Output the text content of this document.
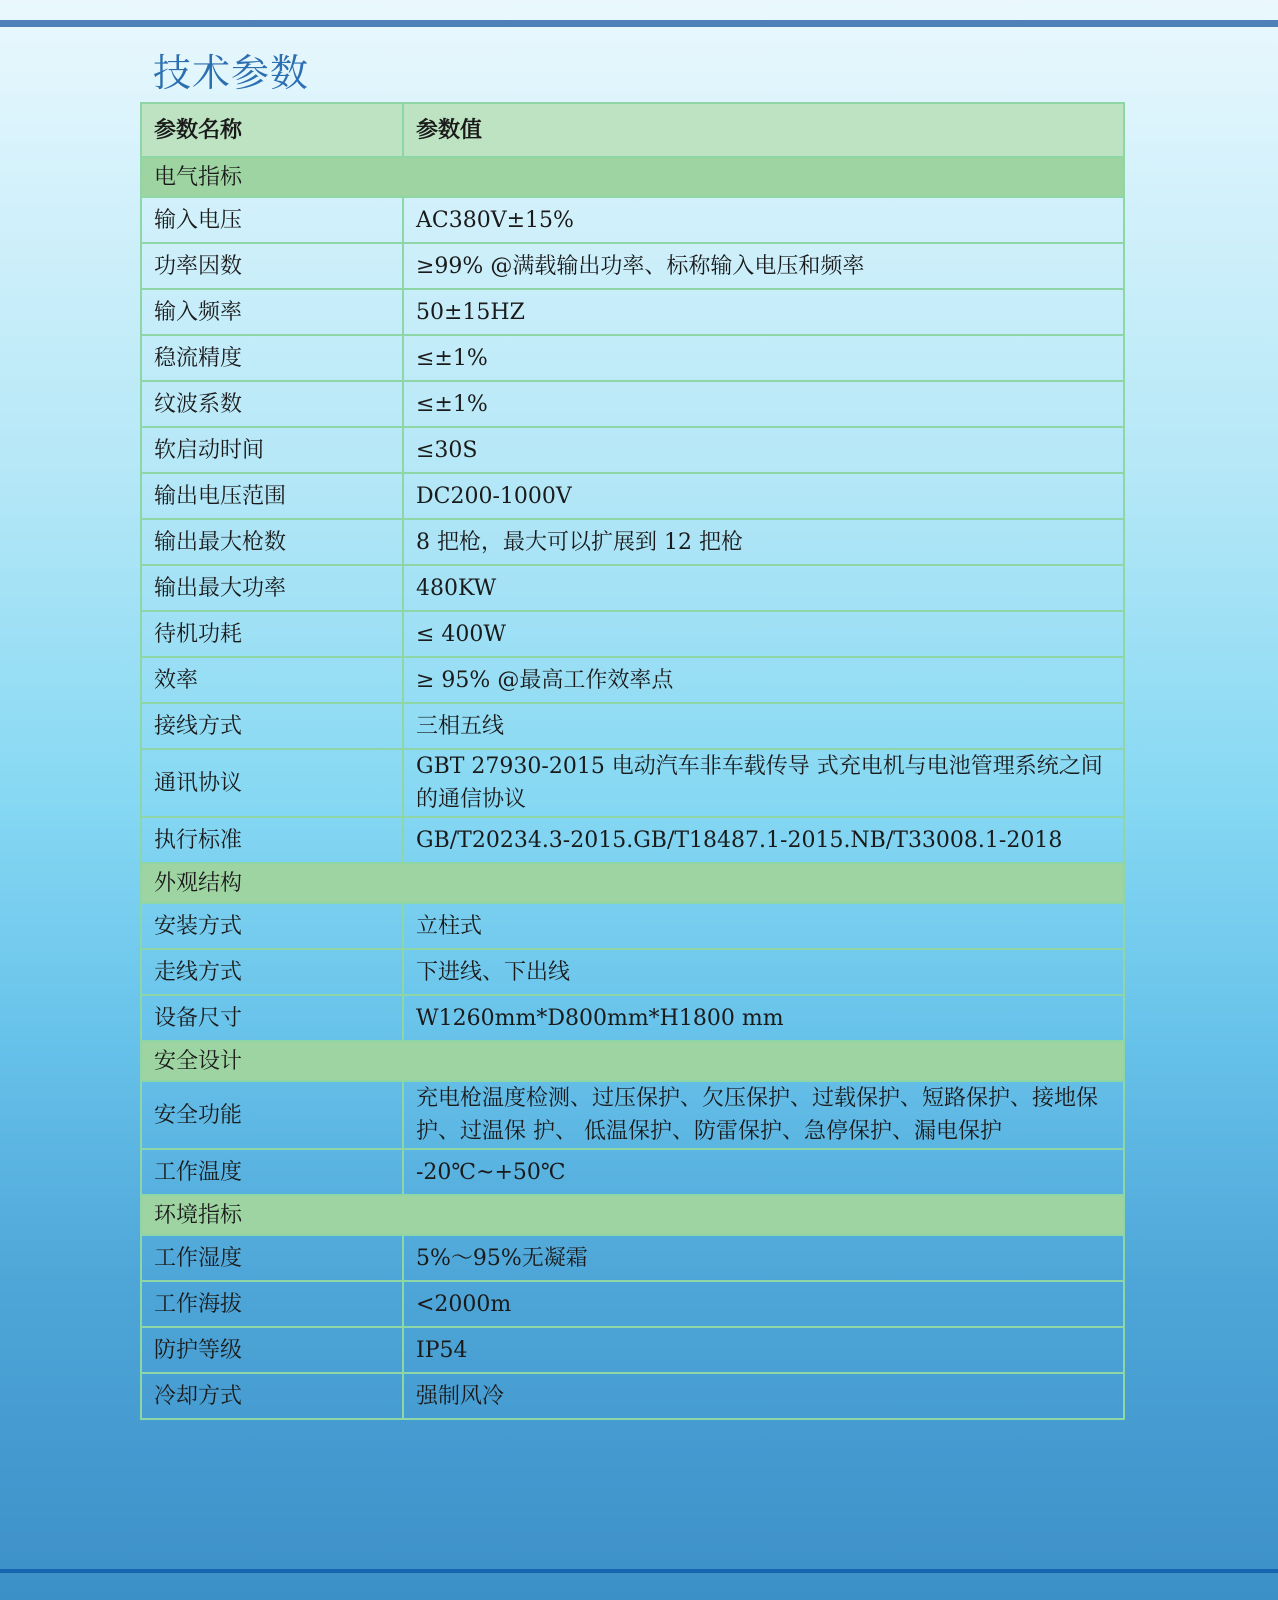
技术参数
参数名称	参数值
电气指标	
输入电压	AC380V±15%
功率因数	≥99% @满载输出功率、标称输入电压和频率
输入频率	50±15HZ
稳流精度	≤±1%
纹波系数	≤±1%
软启动时间	≤30S
输出电压范围	DC200-1000V
输出最大枪数	8 把枪，最大可以扩展到 12 把枪
输出最大功率	480KW
待机功耗	≤ 400W
效率	≥ 95% @最高工作效率点
接线方式	三相五线
通讯协议	GBT 27930-2015 电动汽车非车载传导 式充电机与电池管理系统之间的通信协议
执行标准	GB/T20234.3-2015.GB/T18487.1-2015.NB/T33008.1-2018
外观结构	
安装方式	立柱式
走线方式	下进线、下出线
设备尺寸	W1260mm*D800mm*H1800 mm
安全设计	
安全功能	充电枪温度检测、过压保护、欠压保护、过载保护、短路保护、接地保护、过温保 护、 低温保护、防雷保护、急停保护、漏电保护
工作温度	-20℃~+50℃
环境指标	
工作湿度	5%～95%无凝霜
工作海拔	<2000m
防护等级	IP54
冷却方式	强制风冷
